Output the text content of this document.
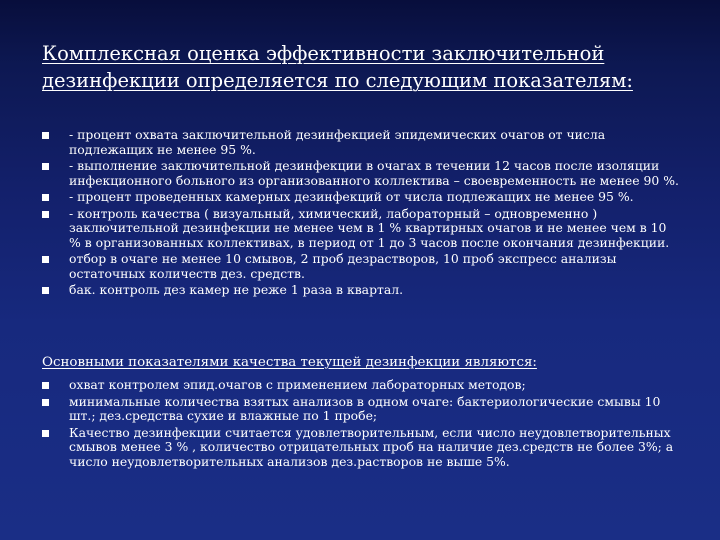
Комплексная оценка эффективности заключительной дезинфекции определяется по следующим показателям:
- процент охвата заключительной дезинфекцией эпидемических очагов от числа подлежащих не менее 95 %.
- выполнение заключительной дезинфекции в очагах в течении 12 часов после изоляции инфекционного больного из организованного коллектива – своевременность не менее 90 %.
- процент проведенных камерных дезинфекций от числа подлежащих не менее 95 %.
- контроль качества ( визуальный, химический, лабораторный – одновременно ) заключительной дезинфекции не менее чем в 1 % квартирных очагов и не менее чем в 10 % в организованных коллективах, в период от 1 до 3 часов после окончания дезинфекции.
отбор в очаге не менее 10 смывов, 2 проб дезрастворов, 10 проб экспресс анализы остаточных количеств дез. средств.
бак. контроль дез камер не реже 1 раза в квартал.
Основными показателями качества текущей дезинфекции являются:
охват контролем эпид.очагов с применением лабораторных методов;
минимальные количества взятых анализов в одном очаге: бактериологические смывы 10 шт.; дез.средства сухие и влажные по 1 пробе;
Качество дезинфекции считается удовлетворительным, если число неудовлетворительных смывов менее 3 % , количество отрицательных проб на наличие дез.средств не более 3%; а число неудовлетворительных анализов дез.растворов не выше 5%.
